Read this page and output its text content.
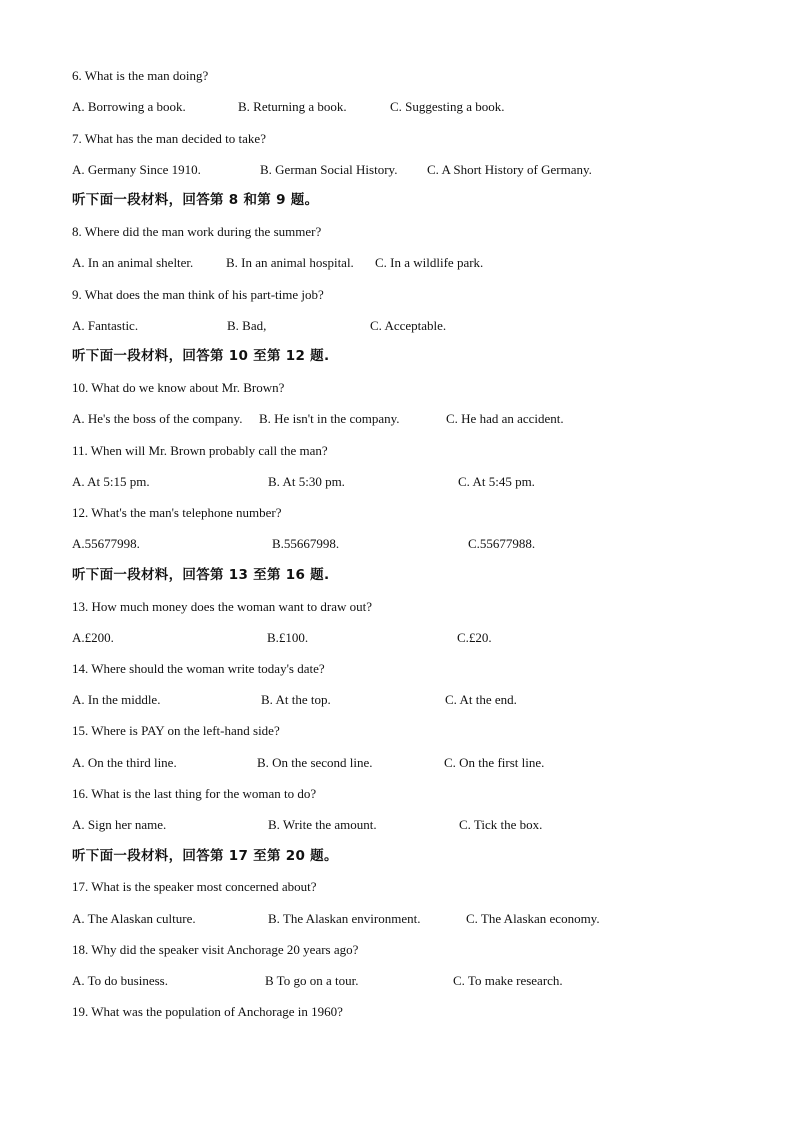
6. What is the man doing?
A. Borrowing a book.	B. Returning a book.	C. Suggesting a book.
7. What has the man decided to take?
A. Germany Since 1910.	B. German Social History. C. A Short History of Germany.
听下面一段材料，回答第 8 和第 9 题。
8. Where did the man work during the summer?
A. In an animal shelter.	B. In an animal hospital. C. In a wildlife park.
9. What does the man think of his part-time job?
A. Fantastic.	B. Bad,	C. Acceptable.
听下面一段材料，回答第 10 至第 12 题.
10. What do we know about Mr. Brown?
A. He's the boss of the company. B. He isn't in the company.	C. He had an accident.
11. When will Mr. Brown probably call the man?
A. At 5:15 pm.	B. At 5:30 pm.	C. At 5:45 pm.
12. What's the man's telephone number?
A.55677998.	B.55667998.	C.55677988.
听下面一段材料，回答第 13 至第 16 题.
13. How much money does the woman want to draw out?
A.£200.	B.£100.	C.£20.
14. Where should the woman write today's date?
A. In the middle.	B. At the top.	C. At the end.
15. Where is PAY on the left-hand side?
A. On the third line.	B. On the second line.	C. On the first line.
16. What is the last thing for the woman to do?
A. Sign her name.	B. Write the amount.	C. Tick the box.
听下面一段材料，回答第 17 至第 20 题。
17. What is the speaker most concerned about?
A. The Alaskan culture.	B. The Alaskan environment.	C. The Alaskan economy.
18. Why did the speaker visit Anchorage 20 years ago?
A. To do business.	B To go on a tour.	C. To make research.
19. What was the population of Anchorage in 1960?
